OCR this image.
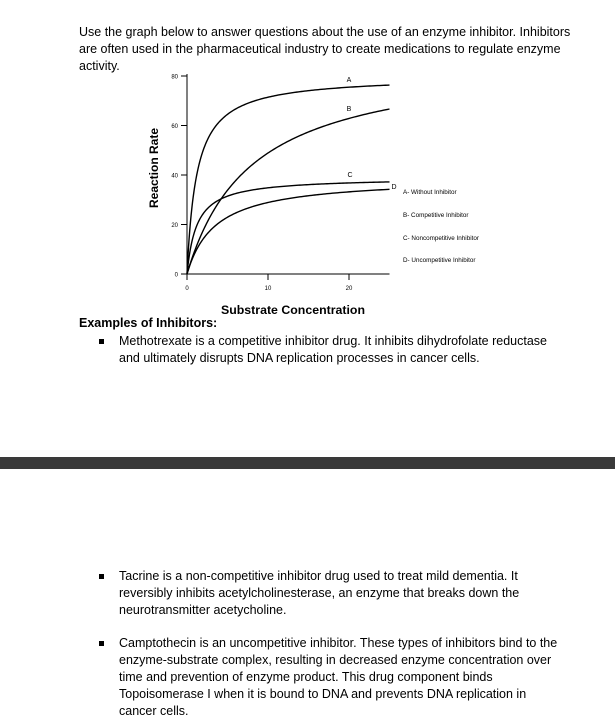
Use the graph below to answer questions about the use of an enzyme inhibitor. Inhibitors are often used in the pharmaceutical industry to create medications to regulate enzyme activity.

0
20
40
60
80
0	10	20
Substrate Concentration
Reaction Rate
A
B
C
D
A- Without Inhibitor
B- Competitive Inhibitor
C- Noncompetitive Inhibitor
D- Uncompetitive Inhibitor
Examples of Inhibitors:
Methotrexate is a competitive inhibitor drug. It inhibits dihydrofolate reductase and ultimately disrupts DNA replication processes in cancer cells.
Tacrine is a non-competitive inhibitor drug used to treat mild dementia. It reversibly inhibits acetylcholinesterase, an enzyme that breaks down the neurotransmitter acetycholine.
Camptothecin is an uncompetitive inhibitor. These types of inhibitors bind to the enzyme-substrate complex, resulting in decreased enzyme concentration over time and prevention of enzyme product. This drug component binds Topoisomerase I when it is bound to DNA and prevents DNA replication in cancer cells.
